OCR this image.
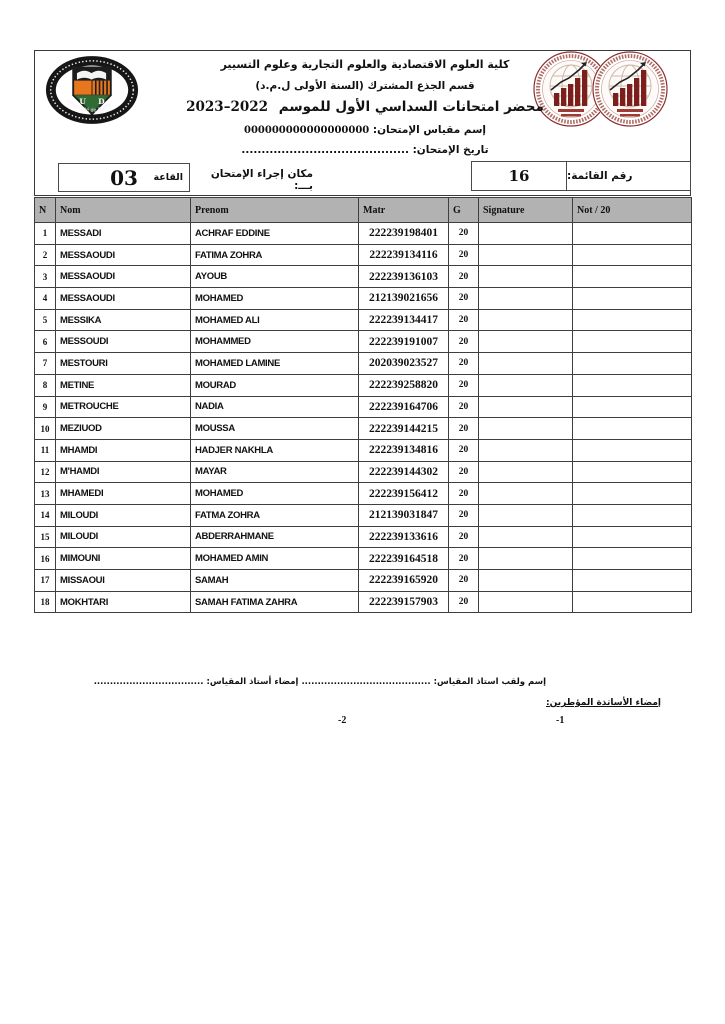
U D
Université de Djelfa
كلية العلوم الاقتصادية والعلوم التجارية وعلوم التسيير
قسم الجذع المشترك (السنة الأولى ل.م.د)
محضر امتحانات السداسي الأول للموسم 2022–2023
إسم مقياس الإمتحان: 000000000000000000
تاريخ الإمتحان: ..........................................
03 القاعة	مكان إجراء الإمتحان بـــ:
16	رقم القائمة:
N	Nom	Prenom	Matr	G	Signature	Not / 20
1	MESSADI	ACHRAF EDDINE	222239198401	20		
2	MESSAOUDI	FATIMA ZOHRA	222239134116	20		
3	MESSAOUDI	AYOUB	222239136103	20		
4	MESSAOUDI	MOHAMED	212139021656	20		
5	MESSIKA	MOHAMED ALI	222239134417	20		
6	MESSOUDI	MOHAMMED	222239191007	20		
7	MESTOURI	MOHAMED LAMINE	202039023527	20		
8	METINE	MOURAD	222239258820	20		
9	METROUCHE	NADIA	222239164706	20		
10	MEZIUOD	MOUSSA	222239144215	20		
11	MHAMDI	HADJER NAKHLA	222239134816	20		
12	M'HAMDI	MAYAR	222239144302	20		
13	MHAMEDI	MOHAMED	222239156412	20		
14	MILOUDI	FATMA ZOHRA	212139031847	20		
15	MILOUDI	ABDERRAHMANE	222239133616	20		
16	MIMOUNI	MOHAMED AMIN	222239164518	20		
17	MISSAOUI	SAMAH	222239165920	20		
18	MOKHTARI	SAMAH FATIMA ZAHRA	222239157903	20		
إسم ولقب استاذ المقياس: ........................................ إمضاء أستاذ المقياس: ..................................
إمضاء الأساتذة المؤطرين:
-1
-2
